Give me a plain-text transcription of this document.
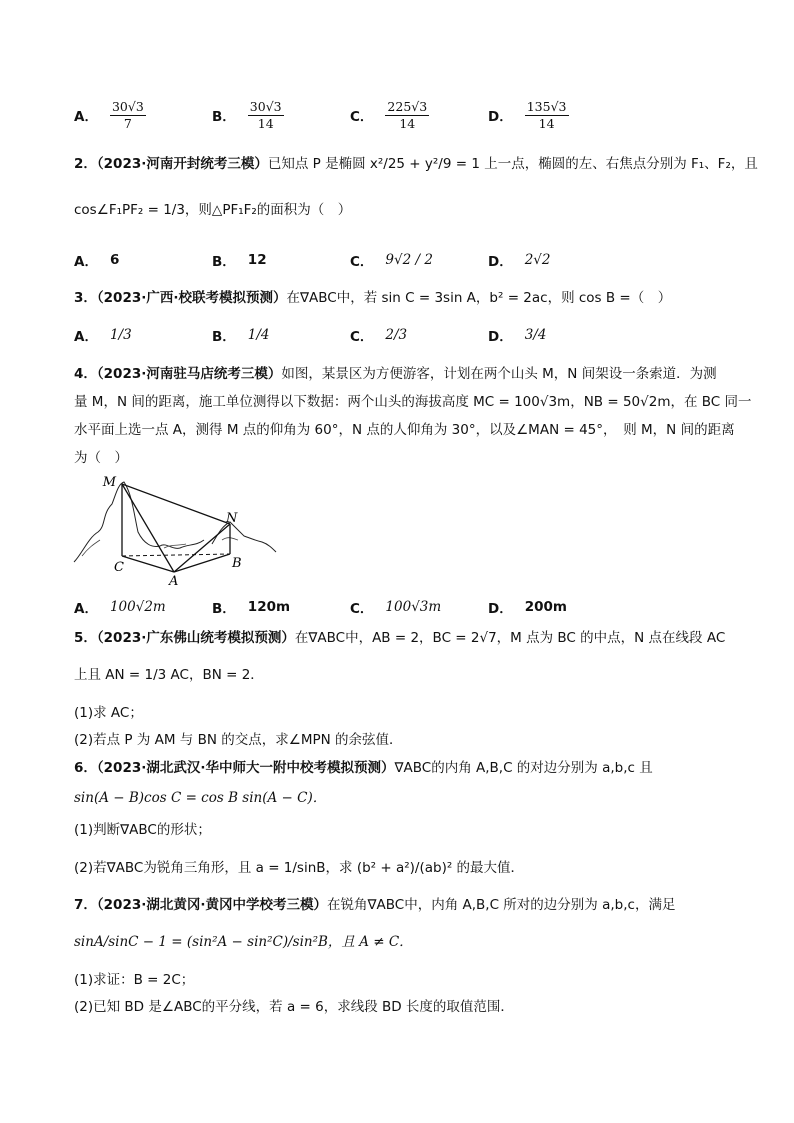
A． $\frac{30√3}{7}$	B． $\frac{30√3}{14}$	C． $\frac{225√3}{14}$	D． $\frac{135√3}{14}$
2．（2023·河南开封统考三模）已知点 P 是椭圆 x²/25 + y²/9 = 1 上一点，椭圆的左、右焦点分别为 F₁、F₂，且
cos∠F₁PF₂ = 1/3，则△PF₁F₂的面积为（　）
A． 6	B． 12	C． 9√2 / 2	D． 2√2
3．（2023·广西·校联考模拟预测）在∇ABC中，若 sin C = 3sin A，b² = 2ac，则 cos B =（　）
A． 1/3	B． 1/4	C． 2/3	D． 3/4
4．（2023·河南驻马店统考三模）如图，某景区为方便游客，计划在两个山头 M，N 间架设一条索道．为测
量 M，N 间的距离，施工单位测得以下数据：两个山头的海拔高度 MC = 100√3m，NB = 50√2m，在 BC 同一
水平面上选一点 A，测得 M 点的仰角为 60°，N 点的人仰角为 30°，以及∠MAN = 45°，　则 M，N 间的距离
为（　）
M
N
C
A
B
A． 100√2m	B． 120m	C． 100√3m	D． 200m
5．（2023·广东佛山统考模拟预测）在∇ABC中，AB = 2，BC = 2√7，M 点为 BC 的中点，N 点在线段 AC
上且 AN = 1/3 AC，BN = 2．
(1)求 AC；
(2)若点 P 为 AM 与 BN 的交点，求∠MPN 的余弦值．
6．（2023·湖北武汉·华中师大一附中校考模拟预测）∇ABC的内角 A,B,C 的对边分别为 a,b,c 且
sin(A − B)cos C = cos B sin(A − C)．
(1)判断∇ABC的形状；
(2)若∇ABC为锐角三角形，且 a = 1/sinB，求 (b² + a²)/(ab)² 的最大值．
7．（2023·湖北黄冈·黄冈中学校考三模）在锐角∇ABC中，内角 A,B,C 所对的边分别为 a,b,c，满足
sinA/sinC − 1 = (sin²A − sin²C)/sin²B，且 A ≠ C．
(1)求证：B = 2C；
(2)已知 BD 是∠ABC的平分线，若 a = 6，求线段 BD 长度的取值范围．
